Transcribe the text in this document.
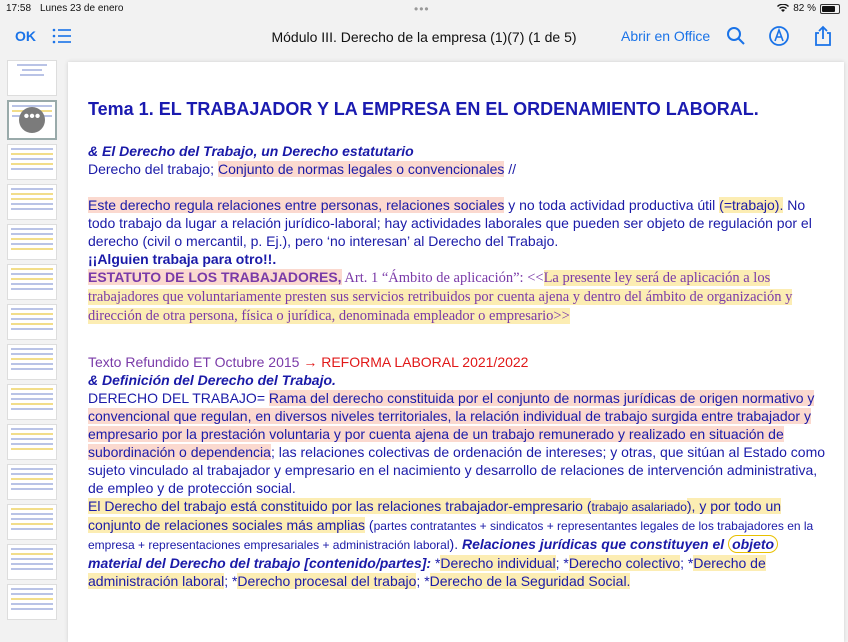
17:58 Lunes 23 de enero	•••	82 %
OK	Módulo III. Derecho de la empresa (1)(7) (1 de 5)	Abrir en Office
•••	Tema 1. EL TRABAJADOR Y LA EMPRESA EN EL ORDENAMIENTO LABORAL.

& El Derecho del Trabajo, un Derecho estatutario

Derecho del trabajo; Conjunto de normas legales o convencionales //

Este derecho regula relaciones entre personas, relaciones sociales y no toda actividad productiva útil (=trabajo). No todo trabajo da lugar a relación jurídico-laboral; hay actividades laborales que pueden ser objeto de regulación por el derecho (civil o mercantil, p. Ej.), pero ‘no interesan’ al Derecho del Trabajo.

¡¡Alguien trabaja para otro!!.

ESTATUTO DE LOS TRABAJADORES, Art. 1 “Ámbito de aplicación”: <<La presente ley será de aplicación a los trabajadores que voluntariamente presten sus servicios retribuidos por cuenta ajena y dentro del ámbito de organización y dirección de otra persona, física o jurídica, denominada empleador o empresario>>

Texto Refundido ET Octubre 2015 → REFORMA LABORAL 2021/2022

& Definición del Derecho del Trabajo.

DERECHO DEL TRABAJO= Rama del derecho constituida por el conjunto de normas jurídicas de origen normativo y convencional que regulan, en diversos niveles territoriales, la relación individual de trabajo surgida entre trabajador y empresario por la prestación voluntaria y por cuenta ajena de un trabajo remunerado y realizado en situación de subordinación o dependencia; las relaciones colectivas de ordenación de intereses; y otras, que sitúan al Estado como sujeto vinculado al trabajador y empresario en el nacimiento y desarrollo de relaciones de intervención administrativa, de empleo y de protección social.

El Derecho del trabajo está constituido por las relaciones trabajador-empresario (trabajo asalariado), y por todo un conjunto de relaciones sociales más amplias (partes contratantes + sindicatos + representantes legales de los trabajadores en la empresa + representaciones empresariales + administración laboral). Relaciones jurídicas que constituyen el objeto material del Derecho del trabajo [contenido/partes]: *Derecho individual; *Derecho colectivo; *Derecho de administración laboral; *Derecho procesal del trabajo; *Derecho de la Seguridad Social.
